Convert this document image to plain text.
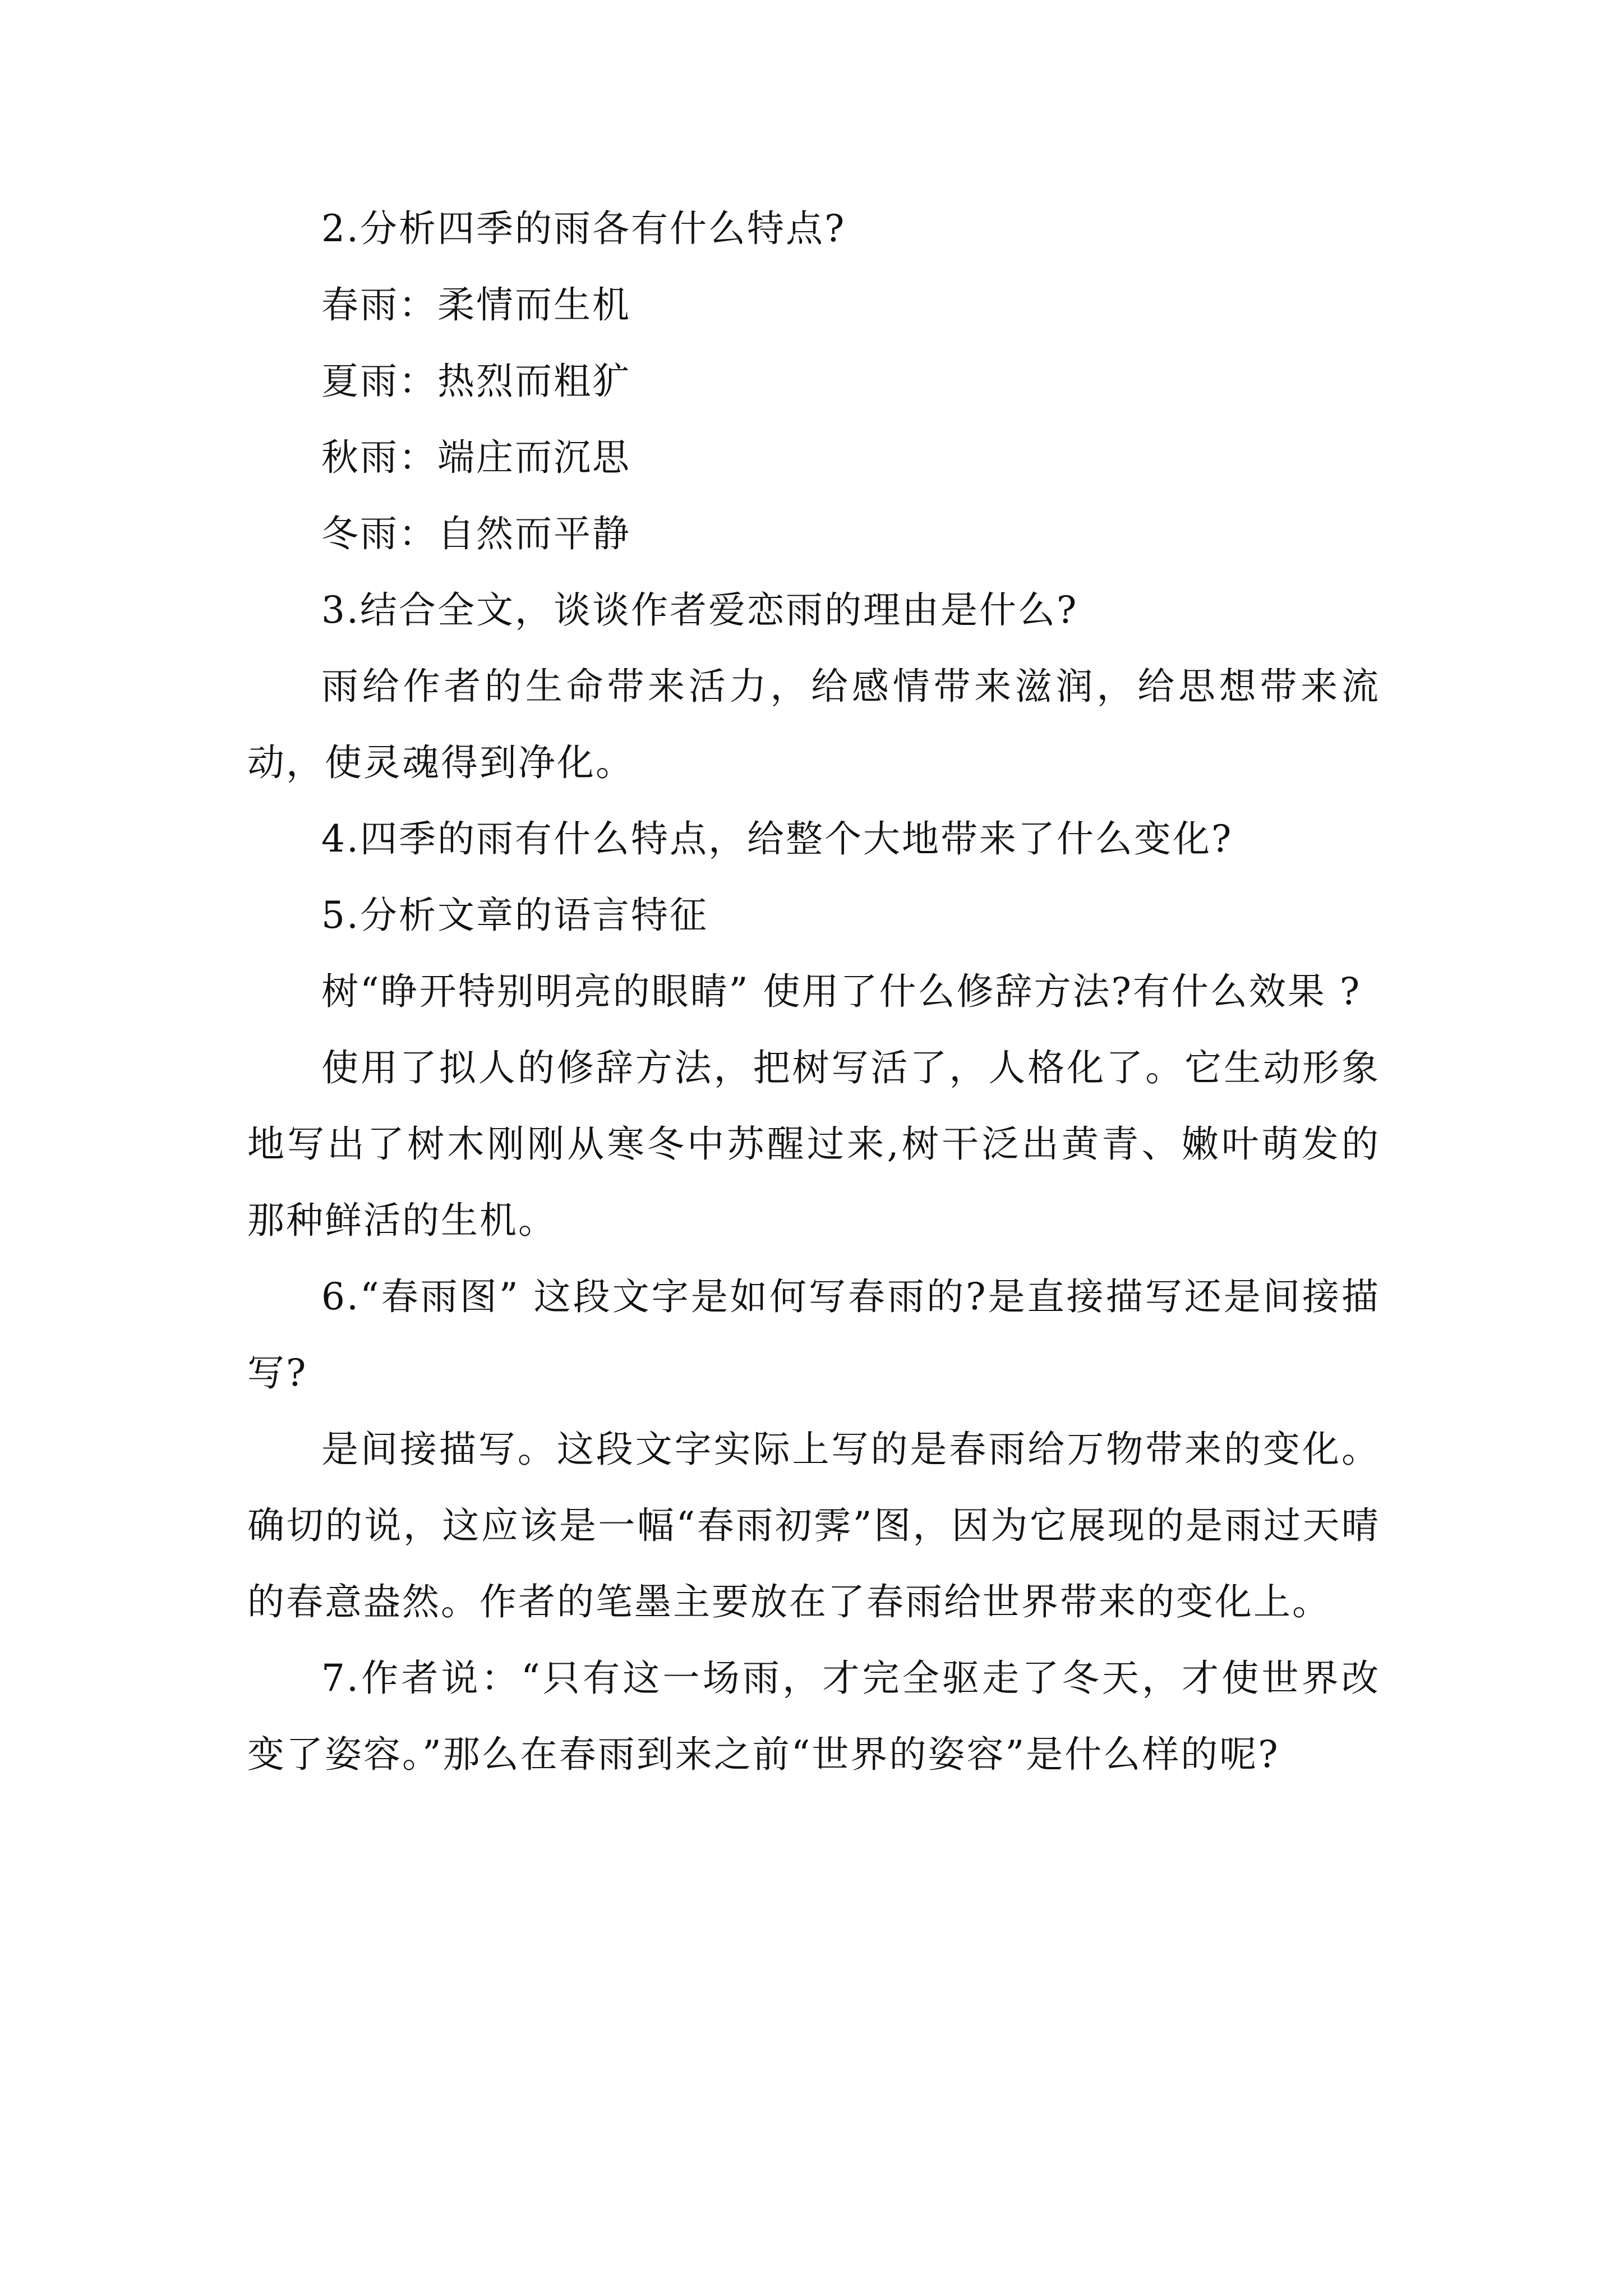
2.分析四季的雨各有什么特点?

春雨：柔情而生机

夏雨：热烈而粗犷

秋雨：端庄而沉思

冬雨：自然而平静

3.结合全文，谈谈作者爱恋雨的理由是什么?

雨给作者的生命带来活力，给感情带来滋润，给思想带来流动，使灵魂得到净化。

4.四季的雨有什么特点，给整个大地带来了什么变化?

5.分析文章的语言特征

树“睁开特别明亮的眼睛” 使用了什么修辞方法?有什么效果 ?

使用了拟人的修辞方法，把树写活了，人格化了。它生动形象地写出了树木刚刚从寒冬中苏醒过来,树干泛出黄青、嫩叶萌发的那种鲜活的生机。

6.“春雨图” 这段文字是如何写春雨的?是直接描写还是间接描写?

是间接描写。这段文字实际上写的是春雨给万物带来的变化。确切的说，这应该是一幅“春雨初霁”图，因为它展现的是雨过天晴的春意盎然。作者的笔墨主要放在了春雨给世界带来的变化上。

7.作者说：“只有这一场雨，才完全驱走了冬天，才使世界改变了姿容。”那么在春雨到来之前“世界的姿容”是什么样的呢?
